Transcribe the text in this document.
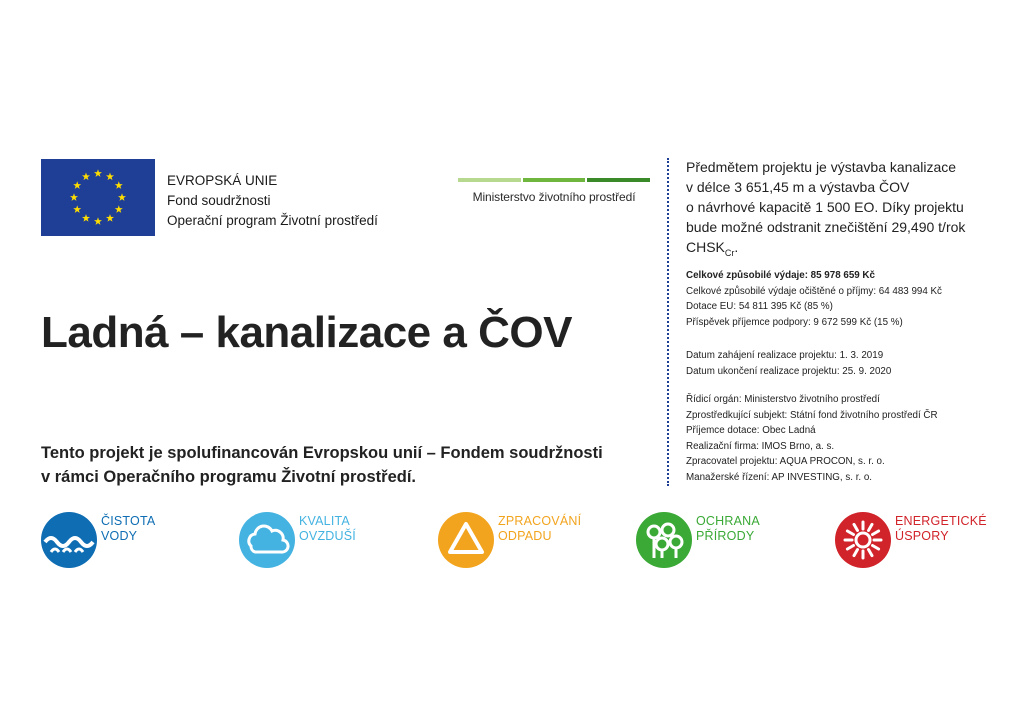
EVROPSKÁ UNIE
Fond soudržnosti
Operační program Životní prostředí
Ministerstvo životního prostředí
Ladná – kanalizace a ČOV
Tento projekt je spolufinancován Evropskou unií – Fondem soudržnosti
v rámci Operačního programu Životní prostředí.
Předmětem projektu je výstavba kanalizace
v délce 3 651,45 m a výstavba ČOV
o návrhové kapacitě 1 500 EO. Díky projektu
bude možné odstranit znečištění 29,490 t/rok
$CHSK_{Cr}$.
Celkové způsobilé výdaje: 85 978 659 Kč
Celkové způsobilé výdaje očištěné o příjmy: 64 483 994 Kč
Dotace EU: 54 811 395 Kč (85 %)
Příspěvek příjemce podpory: 9 672 599 Kč (15 %)
Datum zahájení realizace projektu: 1. 3. 2019
Datum ukončení realizace projektu: 25. 9. 2020
Řídicí orgán: Ministerstvo životního prostředí
Zprostředkující subjekt: Státní fond životního prostředí ČR
Příjemce dotace: Obec Ladná
Realizační firma: IMOS Brno, a. s.
Zpracovatel projektu: AQUA PROCON, s. r. o.
Manažerské řízení: AP INVESTING, s. r. o.
ČISTOTA
VODY
KVALITA
OVZDUŠÍ
ZPRACOVÁNÍ
ODPADU
OCHRANA
PŘÍRODY
ENERGETICKÉ
ÚSPORY
